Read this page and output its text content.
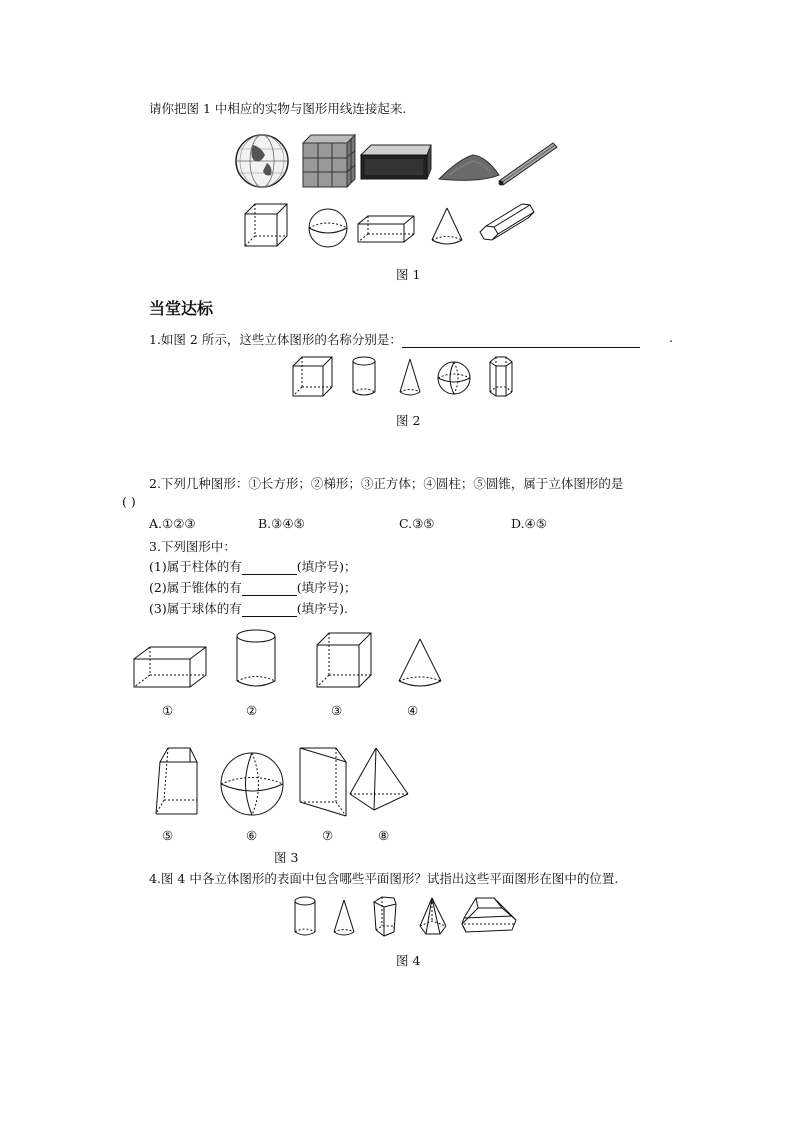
请你把图 1 中相应的实物与图形用线连接起来.
图 1
当堂达标
1.如图 2 所示，这些立体图形的名称分别是：	.
图 2
2.下列几种图形：①长方形；②梯形；③正方体；④圆柱；⑤圆锥，属于立体图形的是
( )
A.①②③	B.③④⑤	C.③⑤	D.④⑤
3.下列图形中：
(1)属于柱体的有	(填序号)；
(2)属于锥体的有	(填序号)；
(3)属于球体的有	(填序号).
①	②	③	④
⑤	⑥	⑦	⑧
图 3
4.图 4 中各立体图形的表面中包含哪些平面图形？试指出这些平面图形在图中的位置.
图 4
